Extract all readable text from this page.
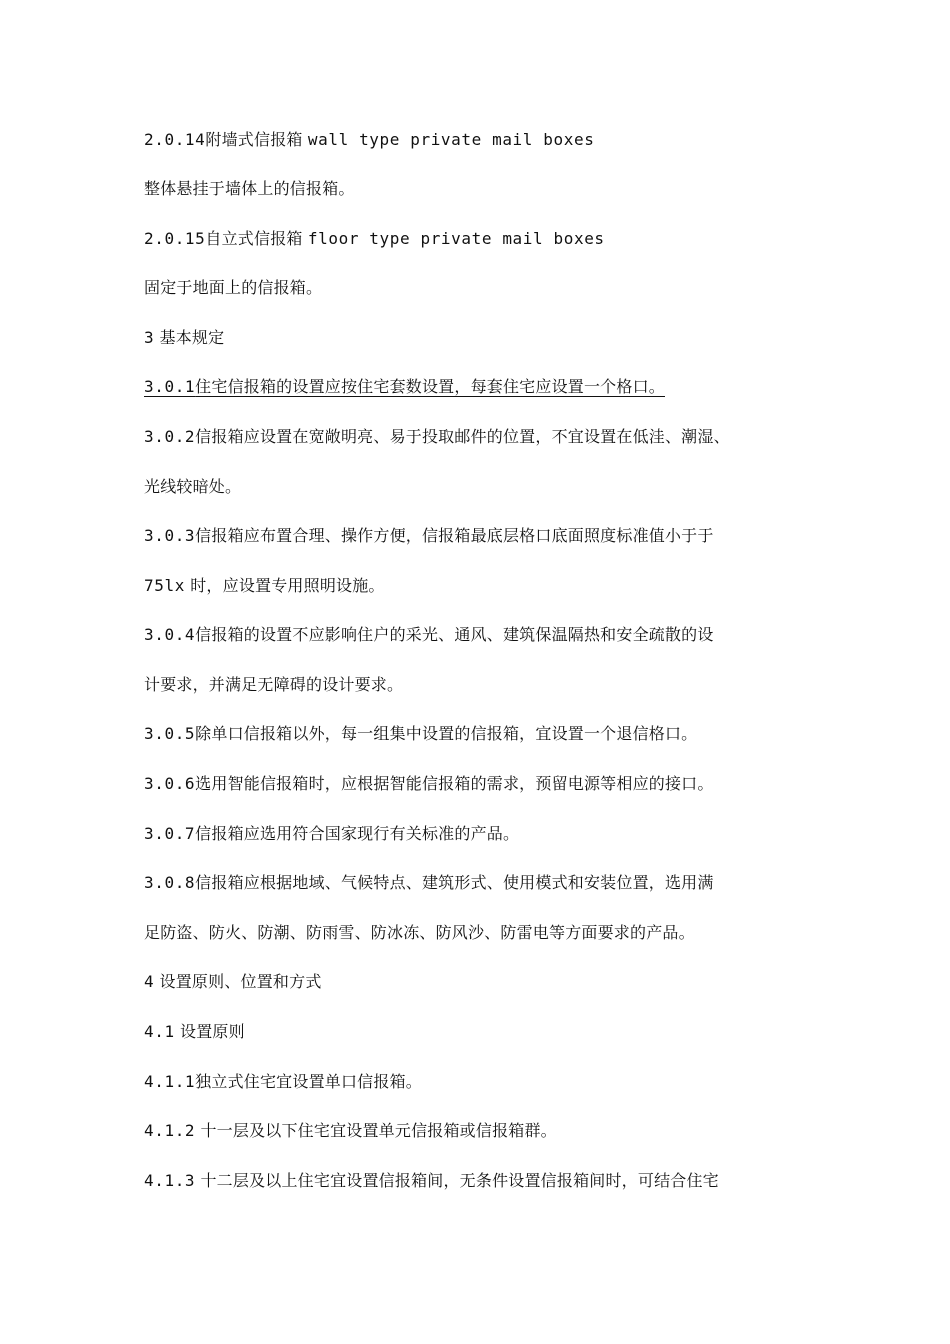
2.0.14附墙式信报箱 wall type private mail boxes
整体悬挂于墙体上的信报箱。
2.0.15自立式信报箱 floor type private mail boxes
固定于地面上的信报箱。
3 基本规定
3.0.1住宅信报箱的设置应按住宅套数设置，每套住宅应设置一个格口。
3.0.2信报箱应设置在宽敞明亮、易于投取邮件的位置，不宜设置在低洼、潮湿、
光线较暗处。
3.0.3信报箱应布置合理、操作方便，信报箱最底层格口底面照度标准值小于于
75lx 时，应设置专用照明设施。
3.0.4信报箱的设置不应影响住户的采光、通风、建筑保温隔热和安全疏散的设
计要求，并满足无障碍的设计要求。
3.0.5除单口信报箱以外，每一组集中设置的信报箱，宜设置一个退信格口。
3.0.6选用智能信报箱时，应根据智能信报箱的需求，预留电源等相应的接口。
3.0.7信报箱应选用符合国家现行有关标准的产品。
3.0.8信报箱应根据地域、气候特点、建筑形式、使用模式和安装位置，选用满
足防盗、防火、防潮、防雨雪、防冰冻、防风沙、防雷电等方面要求的产品。
4 设置原则、位置和方式
4.1 设置原则
4.1.1独立式住宅宜设置单口信报箱。
4.1.2 十一层及以下住宅宜设置单元信报箱或信报箱群。
4.1.3 十二层及以上住宅宜设置信报箱间，无条件设置信报箱间时，可结合住宅
